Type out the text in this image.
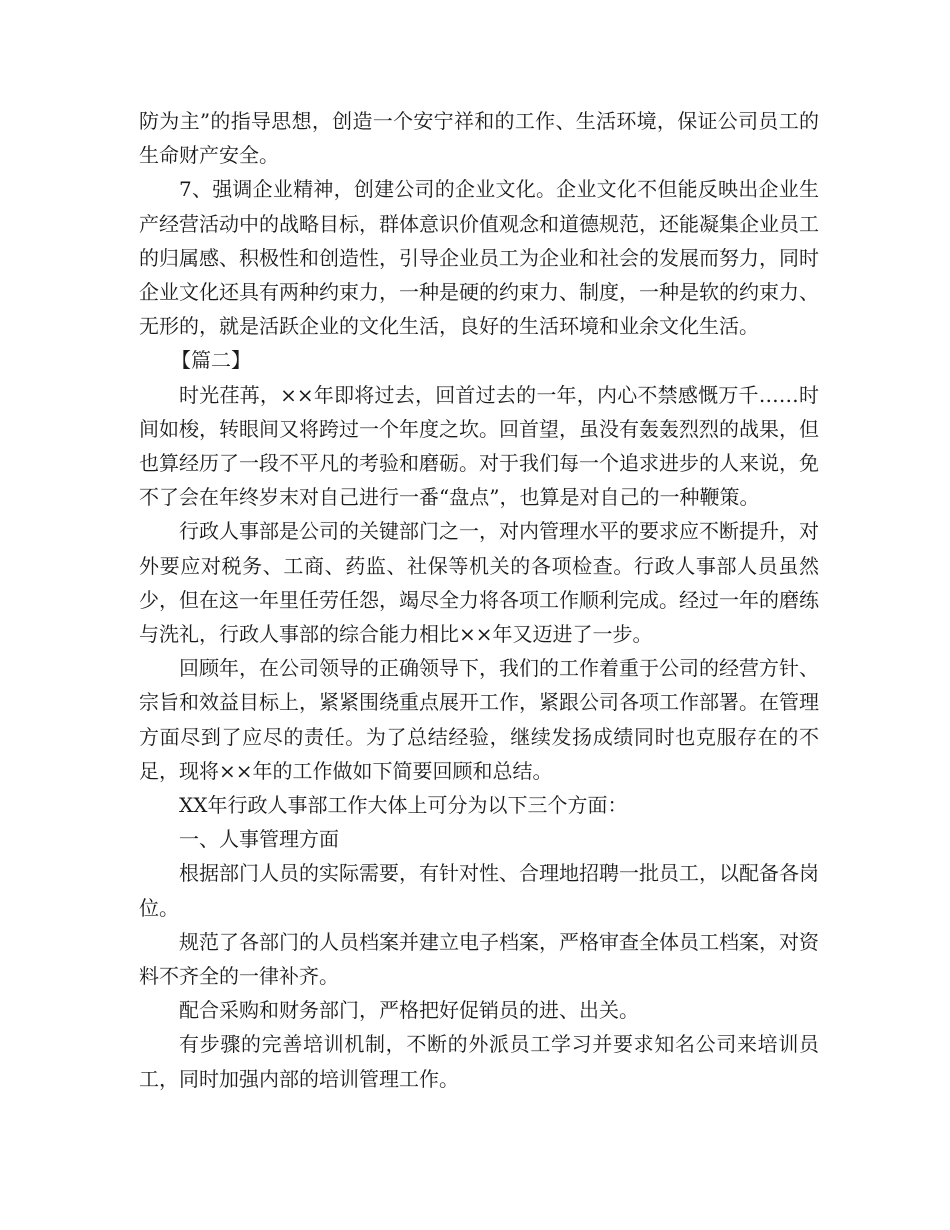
防为主”的指导思想，创造一个安宁祥和的工作、生活环境，保证公司员工的生命财产安全。

7、强调企业精神，创建公司的企业文化。企业文化不但能反映出企业生产经营活动中的战略目标，群体意识价值观念和道德规范，还能凝集企业员工的归属感、积极性和创造性，引导企业员工为企业和社会的发展而努力，同时企业文化还具有两种约束力，一种是硬的约束力、制度，一种是软的约束力、无形的，就是活跃企业的文化生活，良好的生活环境和业余文化生活。

【篇二】

时光荏苒，××年即将过去，回首过去的一年，内心不禁感慨万千……时间如梭，转眼间又将跨过一个年度之坎。回首望，虽没有轰轰烈烈的战果，但也算经历了一段不平凡的考验和磨砺。对于我们每一个追求进步的人来说，免不了会在年终岁末对自己进行一番“盘点”，也算是对自己的一种鞭策。

行政人事部是公司的关键部门之一，对内管理水平的要求应不断提升，对外要应对税务、工商、药监、社保等机关的各项检查。行政人事部人员虽然少，但在这一年里任劳任怨，竭尽全力将各项工作顺利完成。经过一年的磨练与洗礼，行政人事部的综合能力相比××年又迈进了一步。

回顾年，在公司领导的正确领导下，我们的工作着重于公司的经营方针、宗旨和效益目标上，紧紧围绕重点展开工作，紧跟公司各项工作部署。在管理方面尽到了应尽的责任。为了总结经验，继续发扬成绩同时也克服存在的不足，现将××年的工作做如下简要回顾和总结。

XX年行政人事部工作大体上可分为以下三个方面：

一、人事管理方面

根据部门人员的实际需要，有针对性、合理地招聘一批员工，以配备各岗位。

规范了各部门的人员档案并建立电子档案，严格审查全体员工档案，对资料不齐全的一律补齐。

配合采购和财务部门，严格把好促销员的进、出关。

有步骤的完善培训机制，不断的外派员工学习并要求知名公司来培训员工，同时加强内部的培训管理工作。
